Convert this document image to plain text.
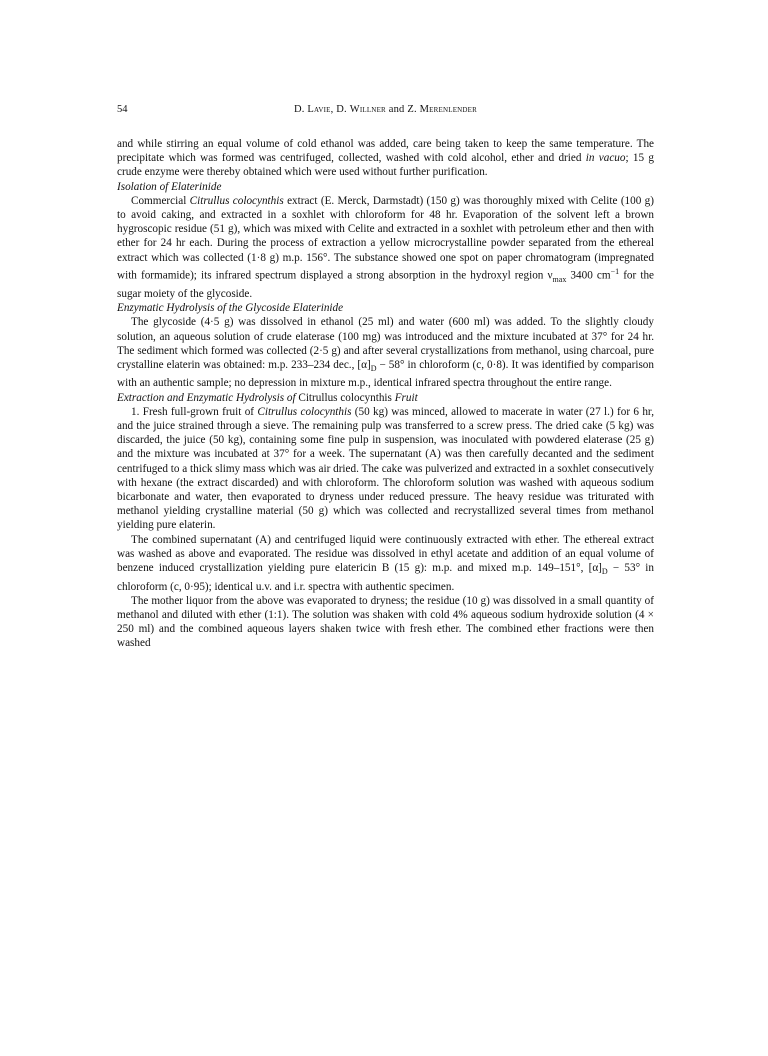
54	D. Lavie, D. Willner and Z. Merenlender

and while stirring an equal volume of cold ethanol was added, care being taken to keep the same temperature. The precipitate which was formed was centrifuged, collected, washed with cold alcohol, ether and dried in vacuo; 15 g crude enzyme were thereby obtained which were used without further purification.

Isolation of Elaterinide

Commercial Citrullus colocynthis extract (E. Merck, Darmstadt) (150 g) was thoroughly mixed with Celite (100 g) to avoid caking, and extracted in a soxhlet with chloroform for 48 hr. Evaporation of the solvent left a brown hygroscopic residue (51 g), which was mixed with Celite and extracted in a soxhlet with petroleum ether and then with ether for 24 hr each. During the process of extraction a yellow microcrystalline powder separated from the ethereal extract which was collected (1·8 g) m.p. 156°. The substance showed one spot on paper chromatogram (impregnated with formamide); its infrared spectrum displayed a strong absorption in the hydroxyl region $\nu_{max}$ 3400 $cm^{-1}$ for the sugar moiety of the glycoside.

Enzymatic Hydrolysis of the Glycoside Elaterinide

The glycoside (4·5 g) was dissolved in ethanol (25 ml) and water (600 ml) was added. To the slightly cloudy solution, an aqueous solution of crude elaterase (100 mg) was introduced and the mixture incubated at 37° for 24 hr. The sediment which formed was collected (2·5 g) and after several crystallizations from methanol, using charcoal, pure crystalline elaterin was obtained: m.p. 233–234 dec., $[\alpha]_D - 58^\circ$ in chloroform (c, 0·8). It was identified by comparison with an authentic sample; no depression in mixture m.p., identical infrared spectra throughout the entire range.

Extraction and Enzymatic Hydrolysis of Citrullus colocynthis Fruit

1. Fresh full-grown fruit of Citrullus colocynthis (50 kg) was minced, allowed to macerate in water (27 l.) for 6 hr, and the juice strained through a sieve. The remaining pulp was transferred to a screw press. The dried cake (5 kg) was discarded, the juice (50 kg), containing some fine pulp in suspension, was inoculated with powdered elaterase (25 g) and the mixture was incubated at 37° for a week. The supernatant (A) was then carefully decanted and the sediment centrifuged to a thick slimy mass which was air dried. The cake was pulverized and extracted in a soxhlet consecutively with hexane (the extract discarded) and with chloroform. The chloroform solution was washed with aqueous sodium bicarbonate and water, then evaporated to dryness under reduced pressure. The heavy residue was triturated with methanol yielding crystalline material (50 g) which was collected and recrystallized several times from methanol yielding pure elaterin.

The combined supernatant (A) and centrifuged liquid were continuously extracted with ether. The ethereal extract was washed as above and evaporated. The residue was dissolved in ethyl acetate and addition of an equal volume of benzene induced crystallization yielding pure elatericin B (15 g): m.p. and mixed m.p. 149–151°, $[\alpha]_D - 53^\circ$ in chloroform (c, 0·95); identical u.v. and i.r. spectra with authentic specimen.

The mother liquor from the above was evaporated to dryness; the residue (10 g) was dissolved in a small quantity of methanol and diluted with ether (1:1). The solution was shaken with cold 4% aqueous sodium hydroxide solution (4 × 250 ml) and the combined aqueous layers shaken twice with fresh ether. The combined ether fractions were then washed
